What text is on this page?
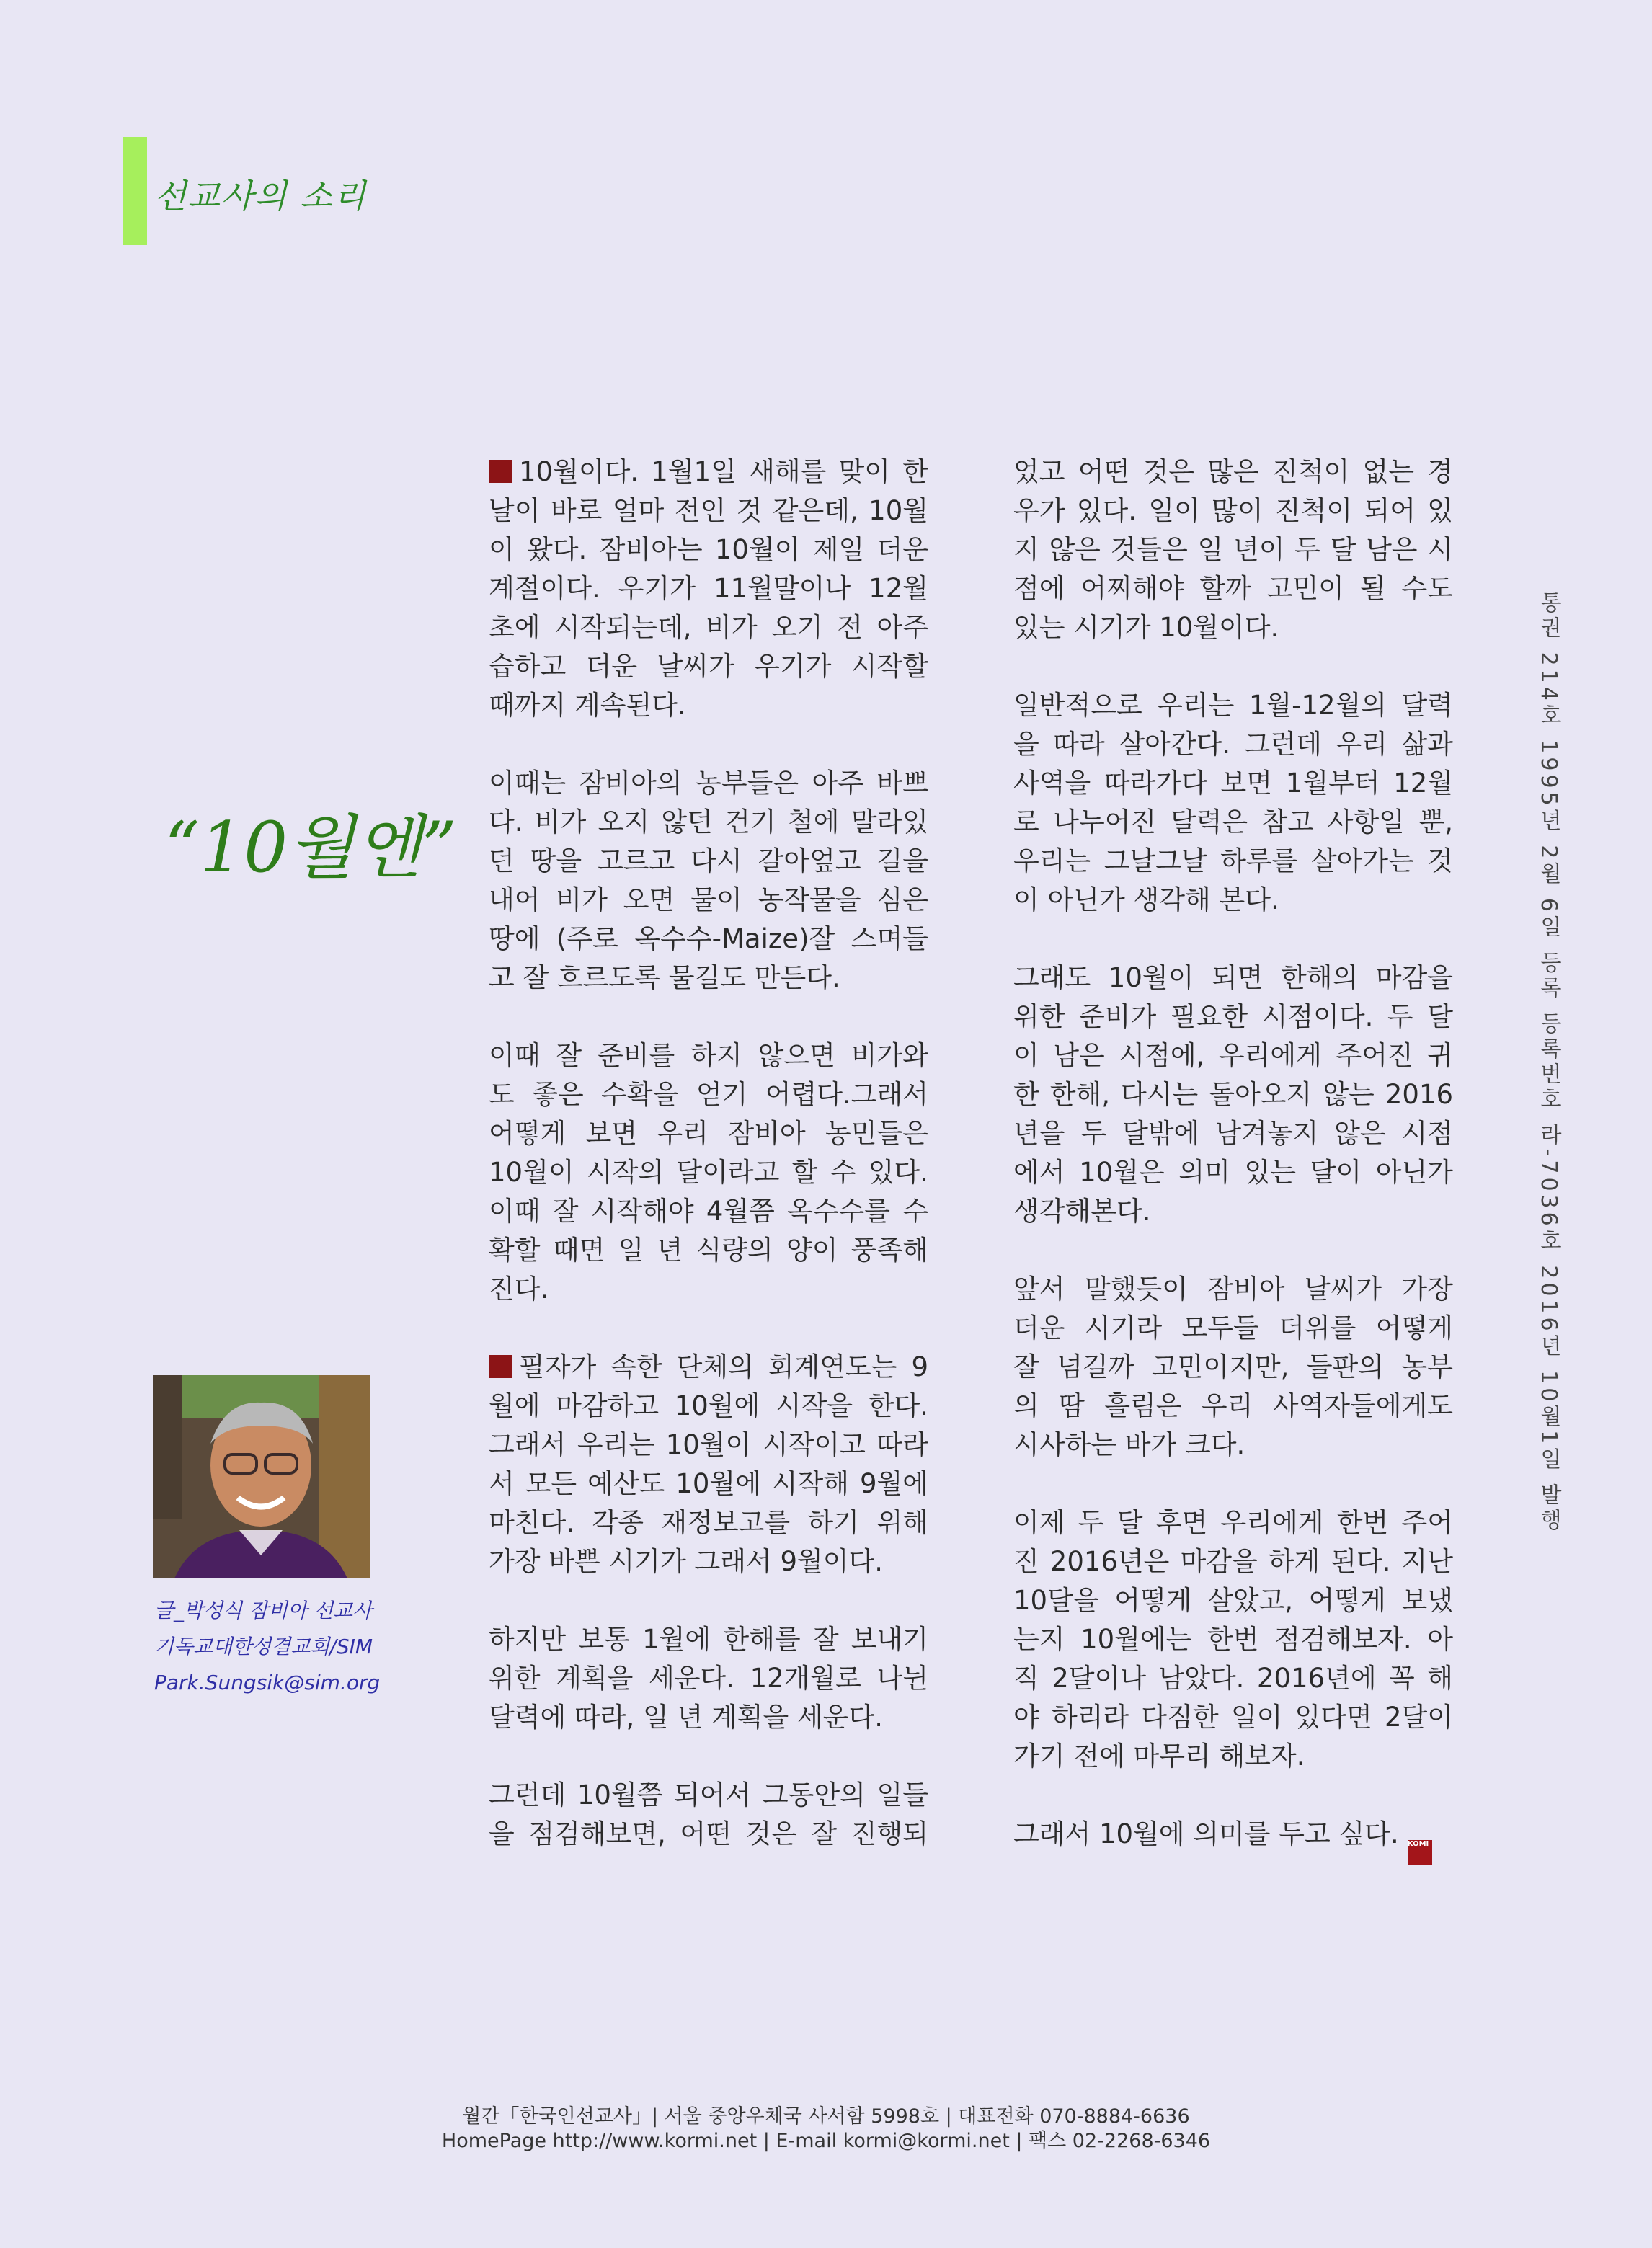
선교사의 소리
“10월엔”
글_박성식 잠비아 선교사
기독교대한성결교회/SIM
Park.Sungsik@sim.org

10월이다. 1월1일 새해를 맞이 한
날이 바로 얼마 전인 것 같은데, 10월
이 왔다. 잠비아는 10월이 제일 더운
계절이다. 우기가 11월말이나 12월
초에 시작되는데, 비가 오기 전 아주
습하고 더운 날씨가 우기가 시작할
때까지 계속된다.

이때는 잠비아의 농부들은 아주 바쁘
다. 비가 오지 않던 건기 철에 말라있
던 땅을 고르고 다시 갈아엎고 길을
내어 비가 오면 물이 농작물을 심은
땅에 (주로 옥수수-Maize)잘 스며들
고 잘 흐르도록 물길도 만든다.

이때 잘 준비를 하지 않으면 비가와
도 좋은 수확을 얻기 어렵다.그래서
어떻게 보면 우리 잠비아 농민들은
10월이 시작의 달이라고 할 수 있다.
이때 잘 시작해야 4월쯤 옥수수를 수
확할 때면 일 년 식량의 양이 풍족해
진다.

필자가 속한 단체의 회계연도는 9
월에 마감하고 10월에 시작을 한다.
그래서 우리는 10월이 시작이고 따라
서 모든 예산도 10월에 시작해 9월에
마친다. 각종 재정보고를 하기 위해
가장 바쁜 시기가 그래서 9월이다.

하지만 보통 1월에 한해를 잘 보내기
위한 계획을 세운다. 12개월로 나뉜
달력에 따라, 일 년 계획을 세운다.

그런데 10월쯤 되어서 그동안의 일들
을 점검해보면, 어떤 것은 잘 진행되

었고 어떤 것은 많은 진척이 없는 경
우가 있다. 일이 많이 진척이 되어 있
지 않은 것들은 일 년이 두 달 남은 시
점에 어찌해야 할까 고민이 될 수도
있는 시기가 10월이다.

일반적으로 우리는 1월-12월의 달력
을 따라 살아간다. 그런데 우리 삶과
사역을 따라가다 보면 1월부터 12월
로 나누어진 달력은 참고 사항일 뿐,
우리는 그날그날 하루를 살아가는 것
이 아닌가 생각해 본다.

그래도 10월이 되면 한해의 마감을
위한 준비가 필요한 시점이다. 두 달
이 남은 시점에, 우리에게 주어진 귀
한 한해, 다시는 돌아오지 않는 2016
년을 두 달밖에 남겨놓지 않은 시점
에서 10월은 의미 있는 달이 아닌가
생각해본다.

앞서 말했듯이 잠비아 날씨가 가장
더운 시기라 모두들 더위를 어떻게
잘 넘길까 고민이지만, 들판의 농부
의 땀 흘림은 우리 사역자들에게도
시사하는 바가 크다.

이제 두 달 후면 우리에게 한번 주어
진 2016년은 마감을 하게 된다. 지난
10달을 어떻게 살았고, 어떻게 보냈
는지 10월에는 한번 점검해보자. 아
직 2달이나 남았다. 2016년에 꼭 해
야 하리라 다짐한 일이 있다면 2달이
가기 전에 마무리 해보자.

그래서 10월에 의미를 두고 싶다. KOMI

통권 214호 1995년 2월 6일 등록 등록번호 라-7036호 2016년 10월1일 발행
월간「한국인선교사」| 서울 중앙우체국 사서함 5998호 | 대표전화 070-8884-6636
HomePage http://www.kormi.net | E-mail kormi@kormi.net | 팩스 02-2268-6346
